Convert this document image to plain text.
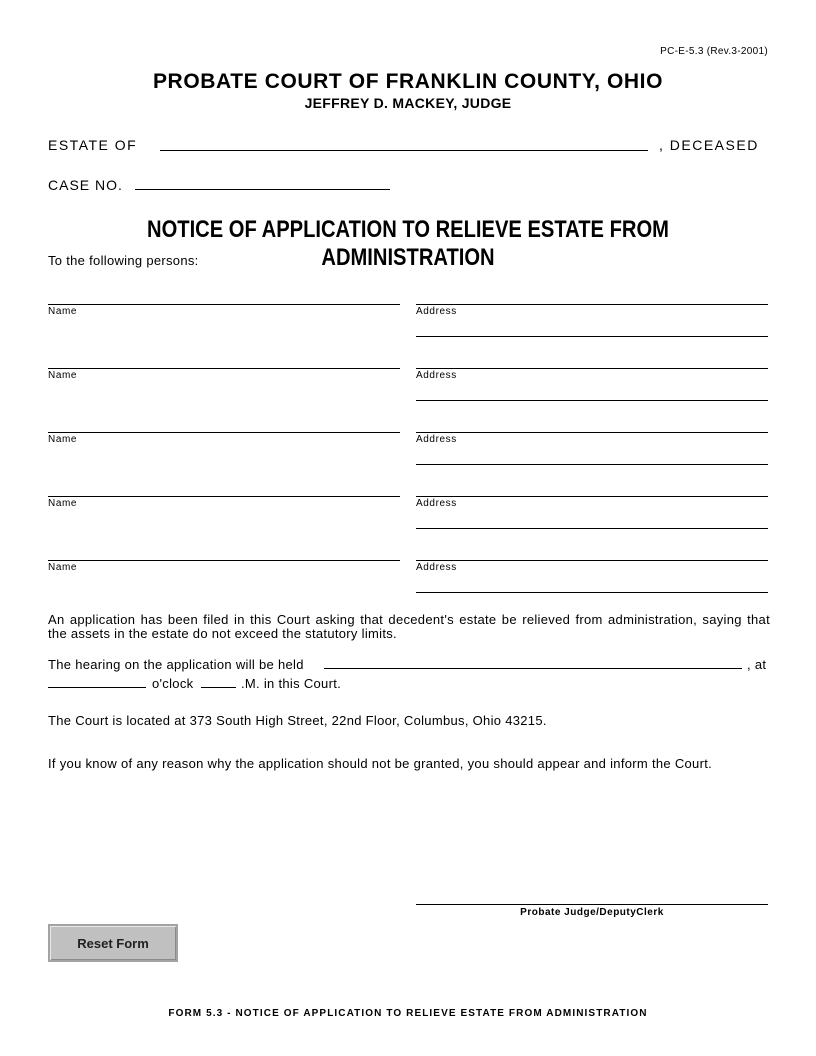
PC-E-5.3 (Rev.3-2001)
PROBATE COURT OF FRANKLIN COUNTY, OHIO
JEFFREY D. MACKEY, JUDGE
ESTATE OF	, DECEASED
CASE NO.
NOTICE OF APPLICATION TO RELIEVE ESTATE FROM ADMINISTRATION
To the following persons:
Name	Address
Name	Address
Name	Address
Name	Address
Name	Address
An application has been filed in this Court asking that decedent's estate be relieved from administration, saying that
the assets in the estate do not exceed the statutory limits.
The hearing on the application will be held	, at
o'clock	.M. in this Court.
The Court is located at 373 South High Street, 22nd Floor, Columbus, Ohio 43215.
If you know of any reason why the application should not be granted, you should appear and inform the Court.
Probate Judge/DeputyClerk
Reset Form
FORM 5.3 - NOTICE OF APPLICATION TO RELIEVE ESTATE FROM ADMINISTRATION
